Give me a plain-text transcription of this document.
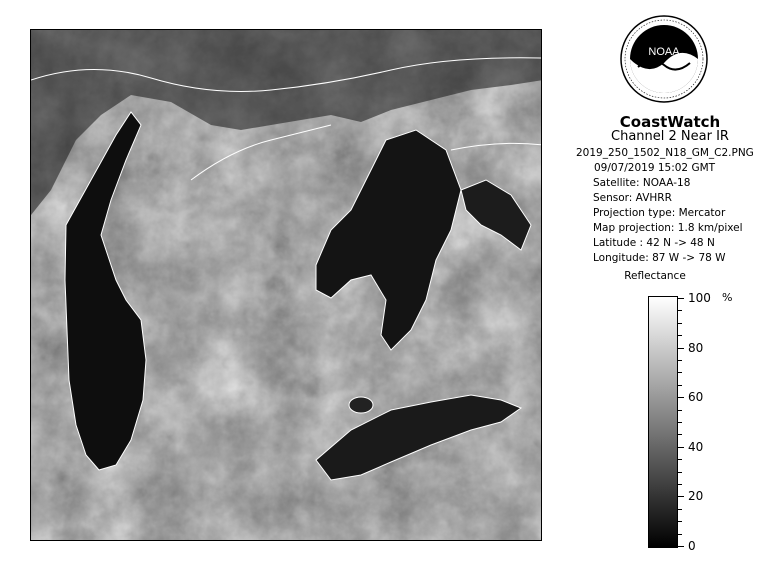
NOAA
CoastWatch
Channel 2 Near IR
2019_250_1502_N18_GM_C2.PNG
09/07/2019 15:02 GMT
Satellite: NOAA-18
Sensor: AVHRR
Projection type: Mercator
Map projection: 1.8 km/pixel
Latitude : 42 N -> 48 N
Longitude: 87 W -> 78 W
Reflectance
%
100
80
60
40
20
0
